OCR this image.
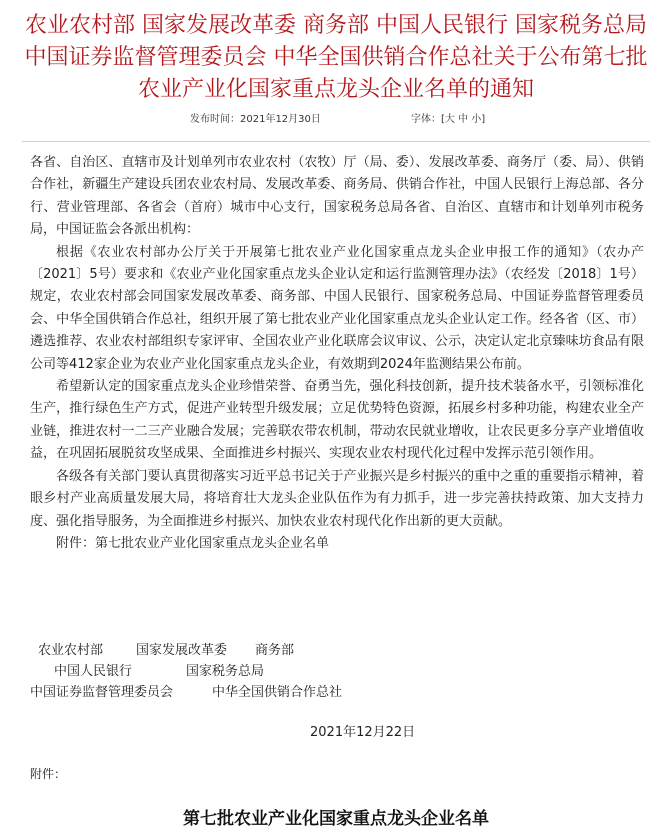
农业农村部 国家发展改革委 商务部 中国人民银行 国家税务总局
中国证券监督管理委员会 中华全国供销合作总社关于公布第七批
农业产业化国家重点龙头企业名单的通知
发布时间：2021年12月30日	字体：[大 中 小]

各省、自治区、直辖市及计划单列市农业农村（农牧）厅（局、委）、发展改革委、商务厅（委、局）、供销合作社，新疆生产建设兵团农业农村局、发展改革委、商务局、供销合作社，中国人民银行上海总部、各分行、营业管理部、各省会（首府）城市中心支行，国家税务总局各省、自治区、直辖市和计划单列市税务局，中国证监会各派出机构：

根据《农业农村部办公厅关于开展第七批农业产业化国家重点龙头企业申报工作的通知》（农办产〔2021〕5号）要求和《农业产业化国家重点龙头企业认定和运行监测管理办法》（农经发〔2018〕1号）规定，农业农村部会同国家发展改革委、商务部、中国人民银行、国家税务总局、中国证券监督管理委员会、中华全国供销合作总社，组织开展了第七批农业产业化国家重点龙头企业认定工作。经各省（区、市）遴选推荐、农业农村部组织专家评审、全国农业产业化联席会议审议、公示，决定认定北京臻味坊食品有限公司等412家企业为农业产业化国家重点龙头企业，有效期到2024年监测结果公布前。

希望新认定的国家重点龙头企业珍惜荣誉、奋勇当先，强化科技创新，提升技术装备水平，引领标准化生产，推行绿色生产方式，促进产业转型升级发展；立足优势特色资源，拓展乡村多种功能，构建农业全产业链，推进农村一二三产业融合发展；完善联农带农机制，带动农民就业增收，让农民更多分享产业增值收益，在巩固拓展脱贫攻坚成果、全面推进乡村振兴、实现农业农村现代化过程中发挥示范引领作用。

各级各有关部门要认真贯彻落实习近平总书记关于产业振兴是乡村振兴的重中之重的重要指示精神，着眼乡村产业高质量发展大局，将培育壮大龙头企业队伍作为有力抓手，进一步完善扶持政策、加大支持力度、强化指导服务，为全面推进乡村振兴、加快农业农村现代化作出新的更大贡献。

附件：第七批农业产业化国家重点龙头企业名单

农业农村部	国家发展改革委 商务部
中国人民银行	国家税务总局
中国证券监督管理委员会	中华全国供销合作总社
2021年12月22日
附件：
第七批农业产业化国家重点龙头企业名单
